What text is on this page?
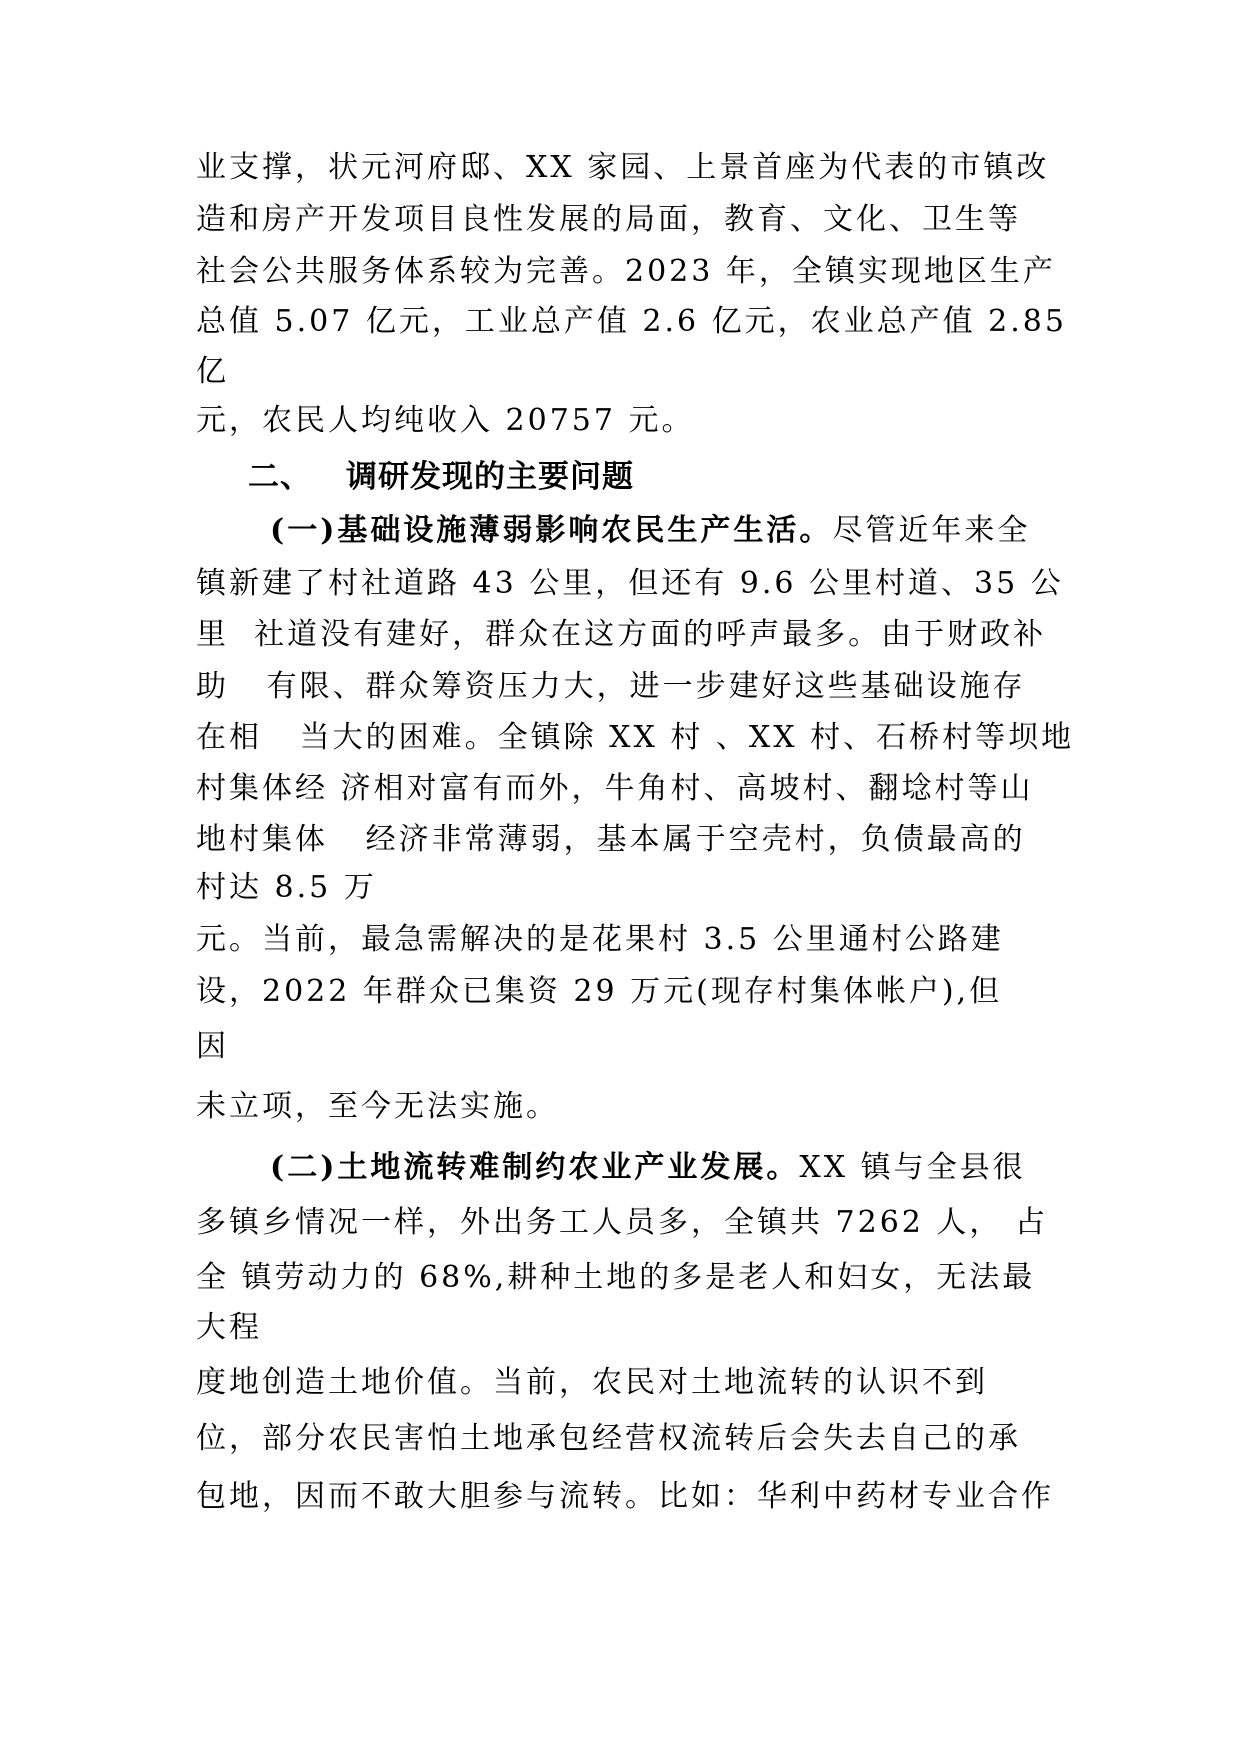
业支撑，状元河府邸、XX 家园、上景首座为代表的市镇改

造和房产开发项目良性发展的局面，教育、文化、卫生等

社会公共服务体系较为完善。2023 年，全镇实现地区生产

总值 5.07 亿元，工业总产值 2.6 亿元，农业总产值 2.85

亿

元，农民人均纯收入 20757 元。

二、 调研发现的主要问题

(一)基础设施薄弱影响农民生产生活。尽管近年来全

镇新建了村社道路 43 公里，但还有 9.6 公里村道、35 公

里  社道没有建好，群众在这方面的呼声最多。由于财政补

助   有限、群众筹资压力大，进一步建好这些基础设施存

在相   当大的困难。全镇除 XX 村 、XX 村、石桥村等坝地

村集体经 济相对富有而外，牛角村、高坡村、翻埝村等山

地村集体   经济非常薄弱，基本属于空壳村，负债最高的

村达 8.5 万

元。当前，最急需解决的是花果村 3.5 公里通村公路建

设，2022 年群众已集资 29 万元(现存村集体帐户),但

因

未立项，至今无法实施。

(二)土地流转难制约农业产业发展。XX 镇与全县很

多镇乡情况一样，外出务工人员多，全镇共 7262 人， 占

全 镇劳动力的 68%,耕种土地的多是老人和妇女，无法最

大程

度地创造土地价值。当前，农民对土地流转的认识不到

位，部分农民害怕土地承包经营权流转后会失去自己的承

包地，因而不敢大胆参与流转。比如：华利中药材专业合作
